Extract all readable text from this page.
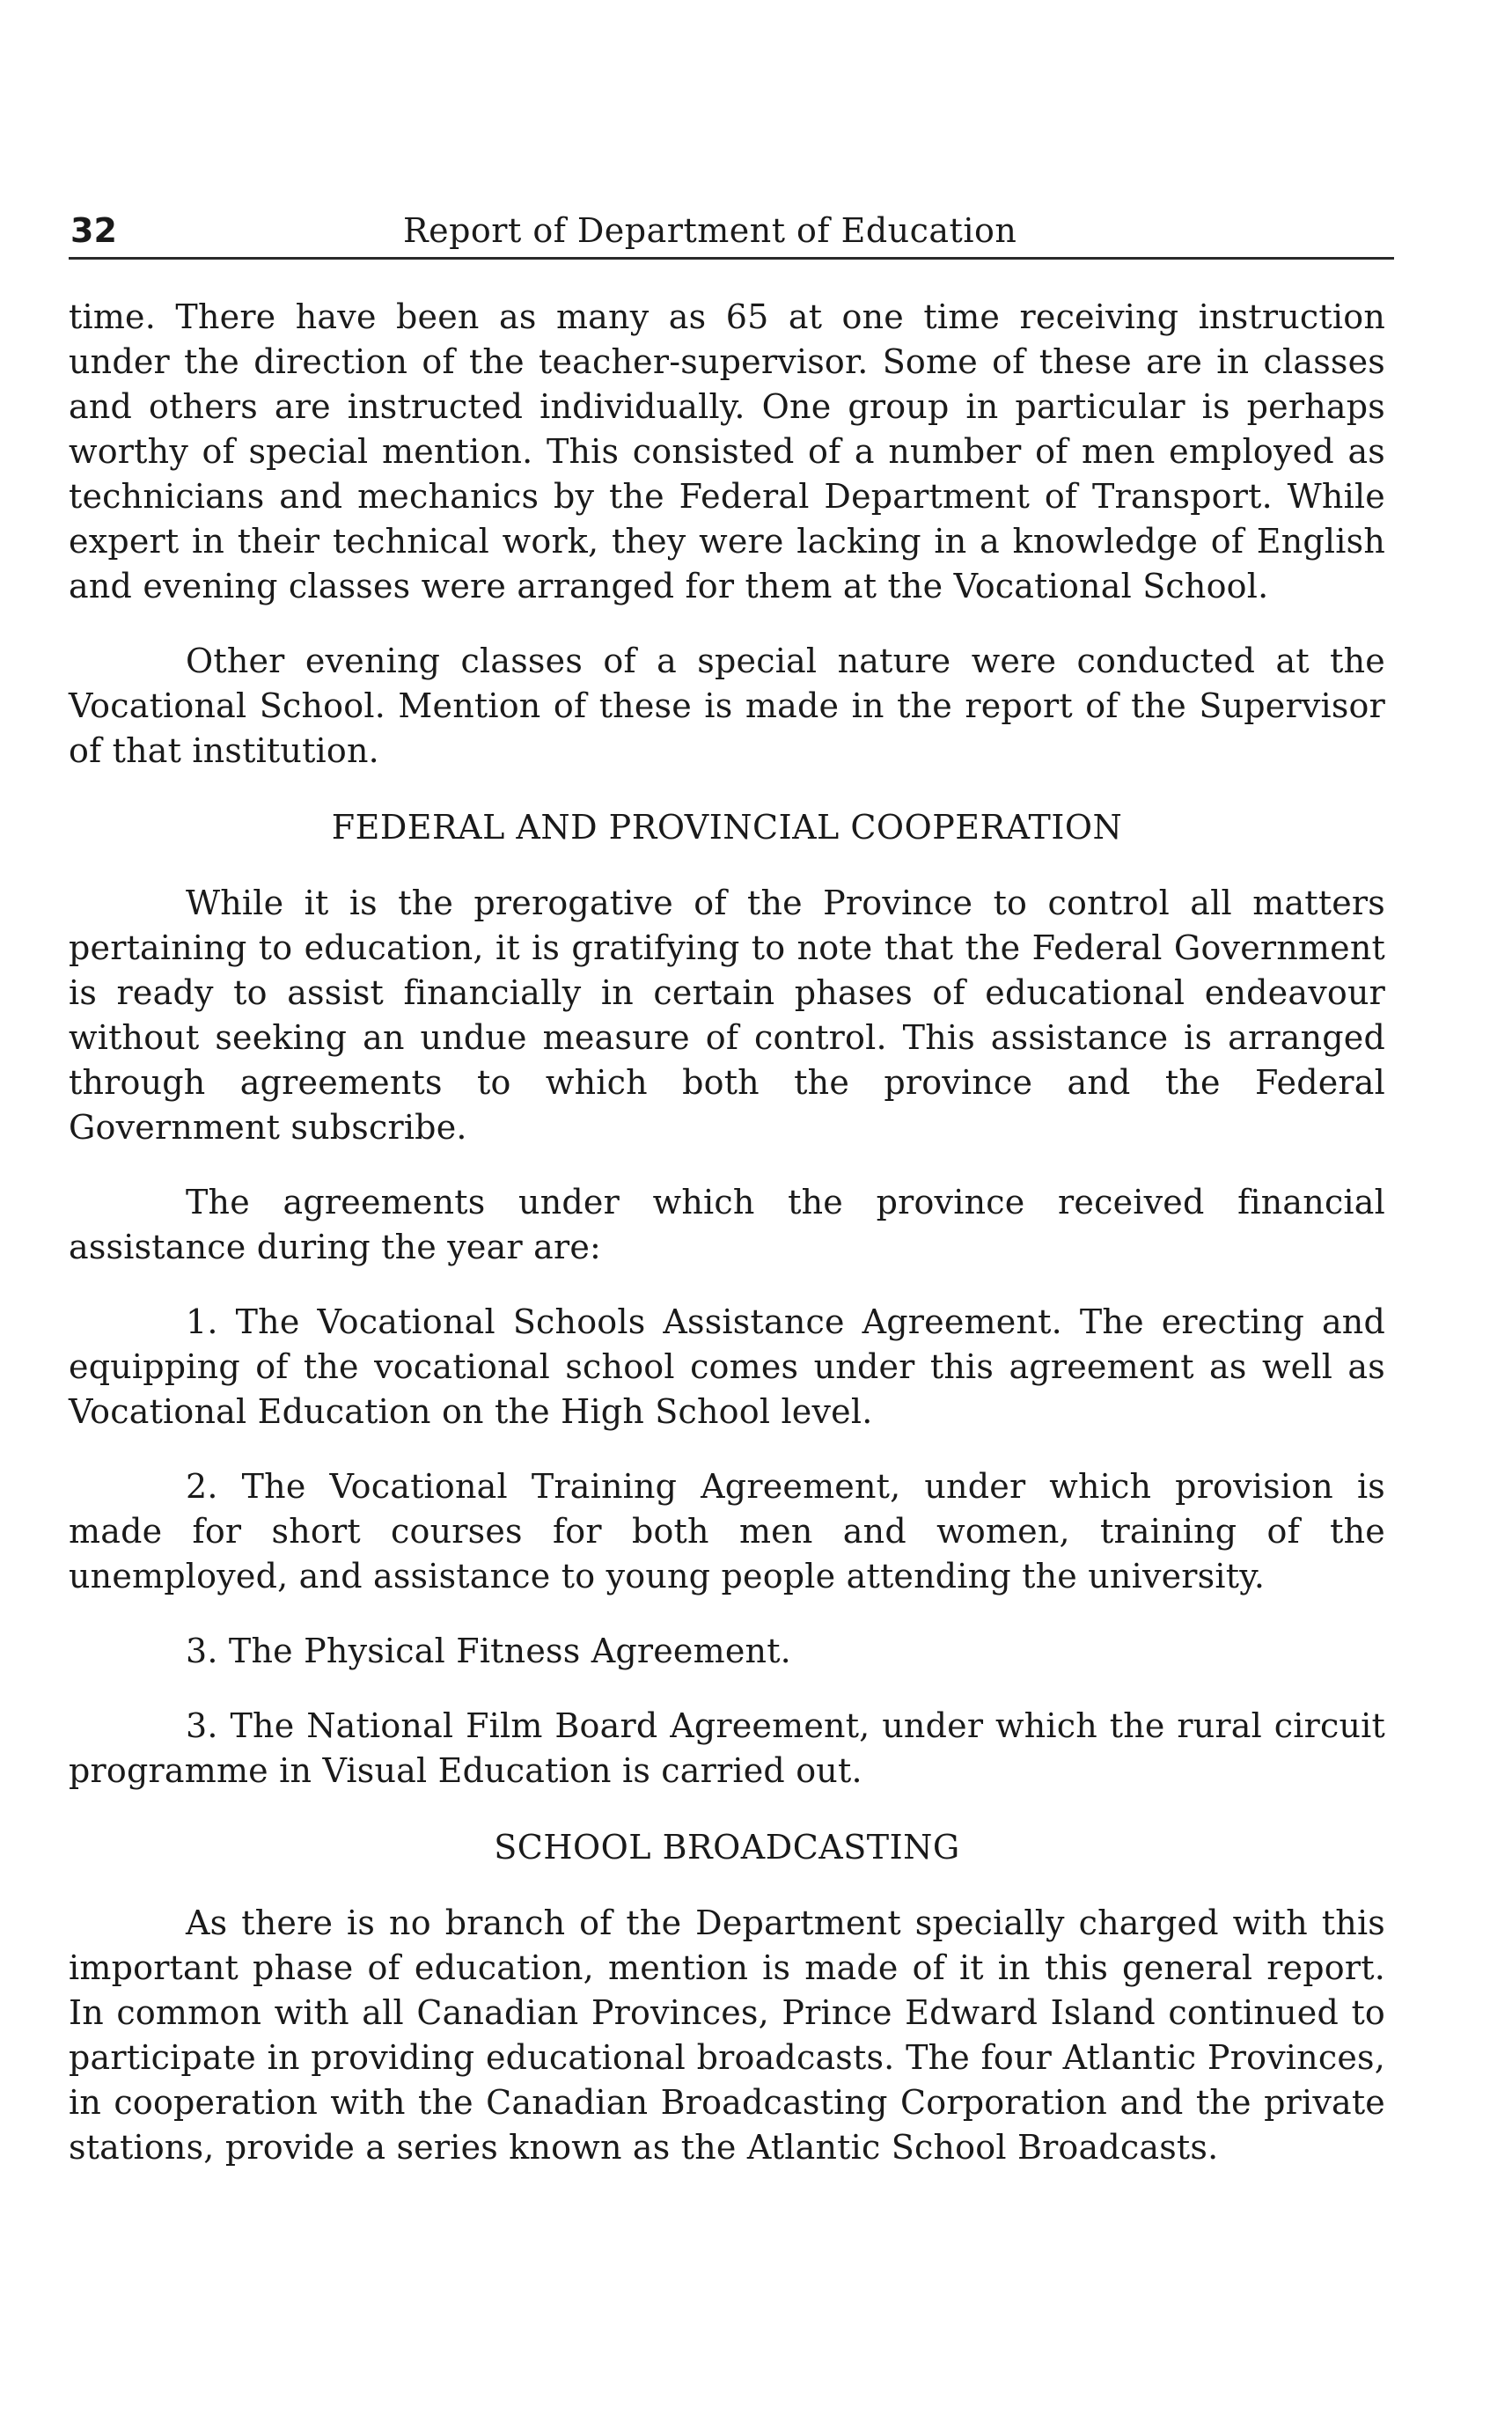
32	Report of Department of Education

time. There have been as many as 65 at one time receiving instruction under the direction of the teacher-supervisor. Some of these are in classes and others are instructed individually. One group in particular is perhaps worthy of special mention. This consisted of a number of men employed as technicians and mechanics by the Federal Department of Transport. While expert in their technical work, they were lacking in a knowledge of English and evening classes were arranged for them at the Vocational School.

Other evening classes of a special nature were conducted at the Vocational School. Mention of these is made in the report of the Supervisor of that institution.

FEDERAL AND PROVINCIAL COOPERATION

While it is the prerogative of the Province to control all matters pertaining to education, it is gratifying to note that the Federal Government is ready to assist financially in certain phases of educational endeavour without seeking an undue measure of control. This assistance is arranged through agreements to which both the province and the Federal Government subscribe.

The agreements under which the province received financial assistance during the year are:

1. The Vocational Schools Assistance Agreement. The erecting and equipping of the vocational school comes under this agreement as well as Vocational Education on the High School level.

2. The Vocational Training Agreement, under which provision is made for short courses for both men and women, training of the unemployed, and assistance to young people attending the university.

3. The Physical Fitness Agreement.

3. The National Film Board Agreement, under which the rural circuit programme in Visual Education is carried out.

SCHOOL BROADCASTING

As there is no branch of the Department specially charged with this important phase of education, mention is made of it in this general report. In common with all Canadian Provinces, Prince Edward Island continued to participate in providing educational broadcasts. The four Atlantic Provinces, in cooperation with the Canadian Broadcasting Corporation and the private stations, provide a series known as the Atlantic School Broadcasts.
